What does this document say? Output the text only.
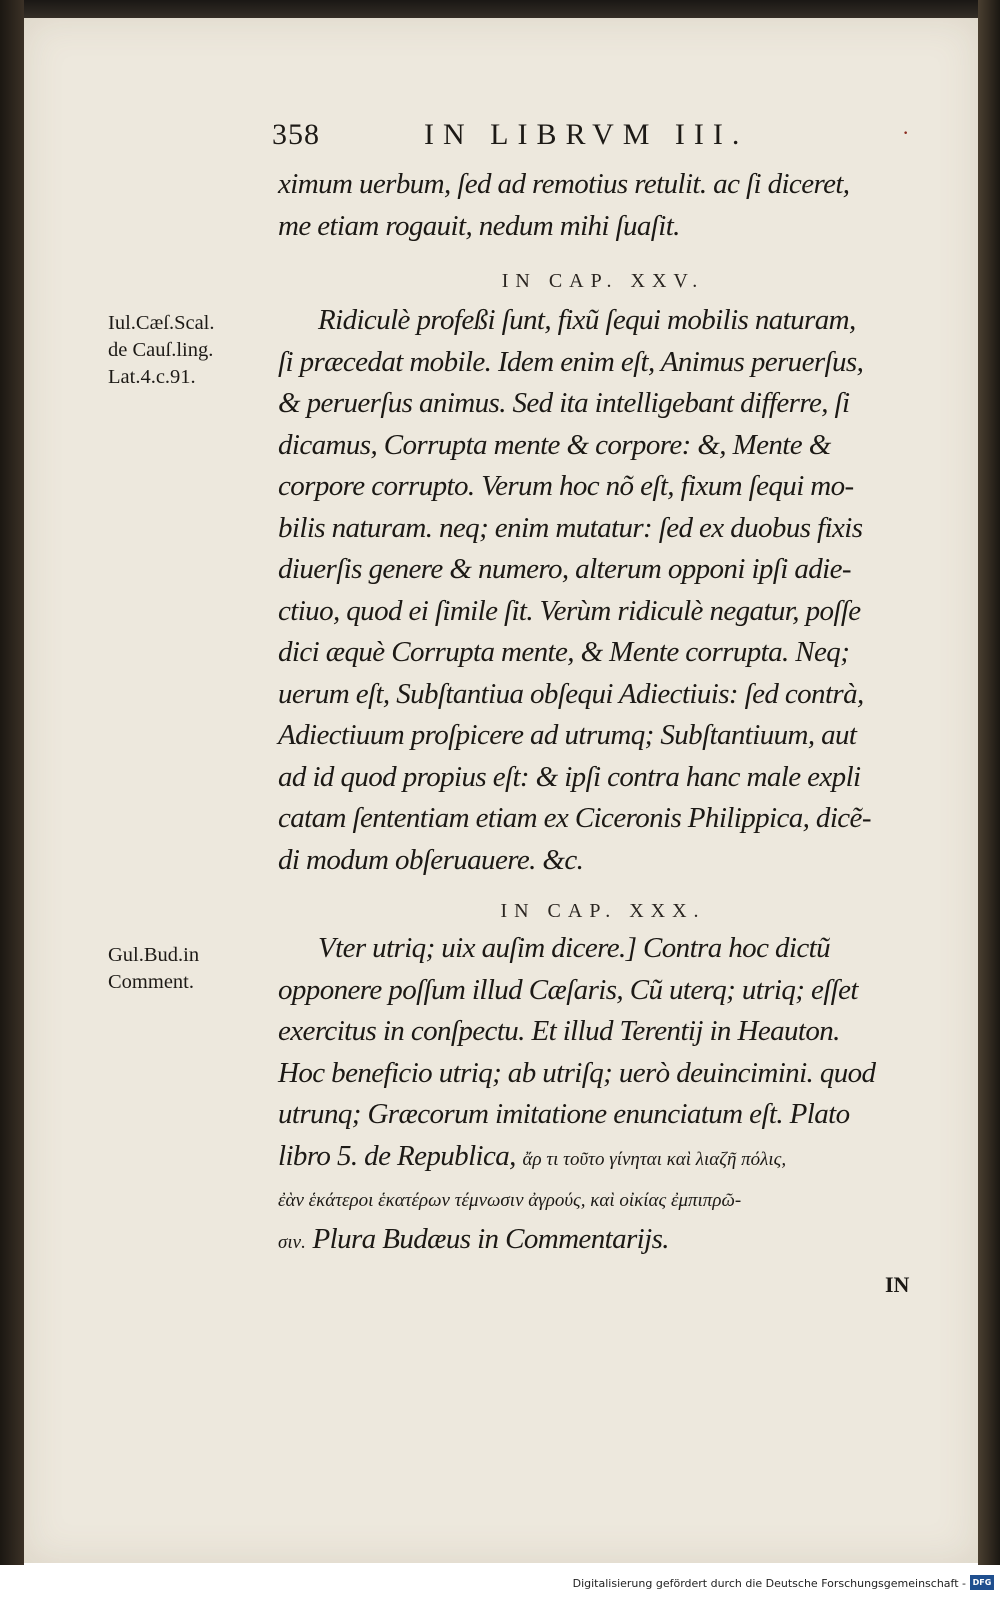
358	IN LIBRVM III.	·
ximum uerbum, ſed ad remotius retulit. ac ſi diceret,
me etiam rogauit, nedum mihi ſuaſit.
IN CAP. XXV.
Iul.Cæſ.Scal.
de Cauſ.ling.
Lat.4.c.91.
Ridiculè profeßi ſunt, fixũ ſequi mobilis naturam,
ſi præcedat mobile. Idem enim eſt, Animus peruerſus,
& peruerſus animus. Sed ita intelligebant differre, ſi
dicamus, Corrupta mente & corpore: &, Mente &
corpore corrupto. Verum hoc nõ eſt, fixum ſequi mo-
bilis naturam. neq; enim mutatur: ſed ex duobus fixis
diuerſis genere & numero, alterum opponi ipſi adie-
ctiuo, quod ei ſimile ſit. Verùm ridiculè negatur, poſſe
dici æquè Corrupta mente, & Mente corrupta. Neq;
uerum eſt, Subſtantiua obſequi Adiectiuis: ſed contrà,
Adiectiuum proſpicere ad utrumq; Subſtantiuum, aut
ad id quod propius eſt: & ipſi contra hanc male expli
catam ſententiam etiam ex Ciceronis Philippica, dicẽ-
di modum obſeruauere. &c.
IN CAP. XXX.
Gul.Bud.in
Comment.
Vter utriq; uix auſim dicere.] Contra hoc dictũ
opponere poſſum illud Cæſaris, Cũ uterq; utriq; eſſet
exercitus in conſpectu. Et illud Terentij in Heauton.
Hoc beneficio utriq; ab utriſq; uerò deuincimini. quod
utrunq; Græcorum imitatione enunciatum eſt. Plato
libro 5. de Republica, ἄρ τι τοῦτο γίνηται καὶ λιαζῆ πόλις,
ἐὰν ἑκάτεροι ἑκατέρων τέμνωσιν ἀγρούς, καὶ οἰκίας ἐμπιπρῶ-
σιν. Plura Budæus in Commentarijs.
IN
Digitalisierung gefördert durch die Deutsche Forschungsgemeinschaft - DFG
